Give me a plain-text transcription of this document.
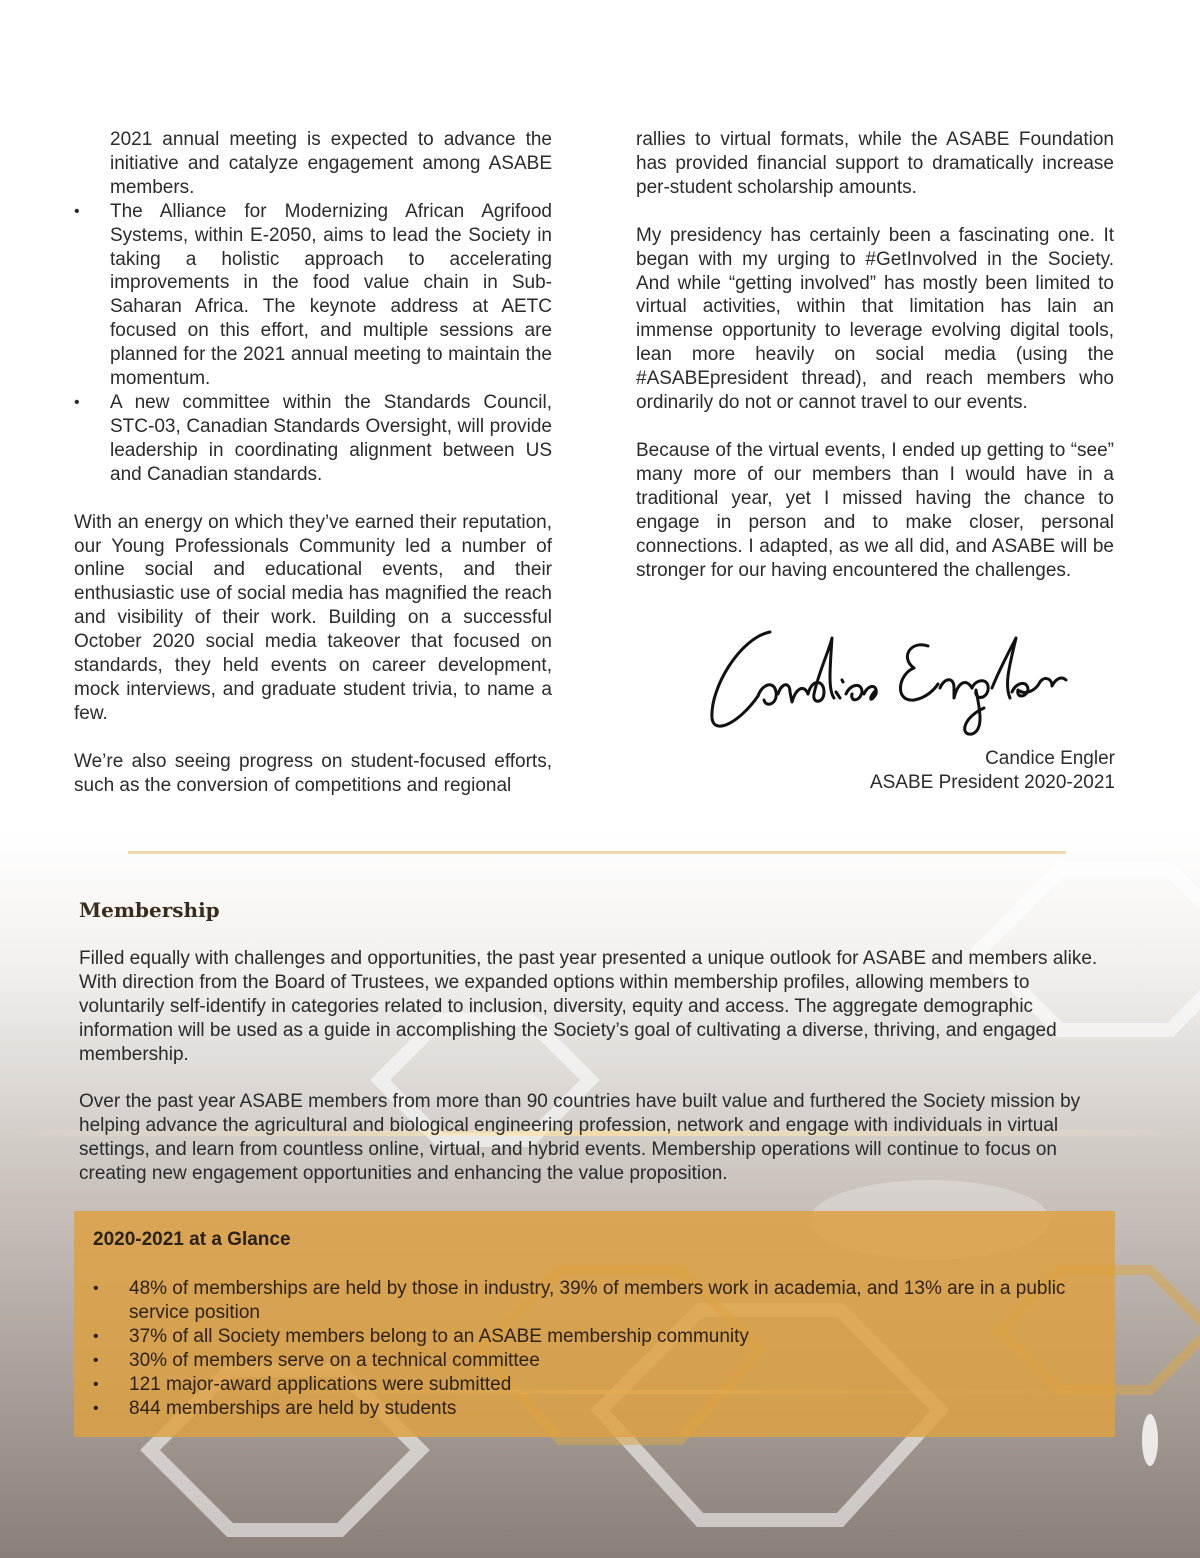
2021 annual meeting is expected to advance the initiative and catalyze engagement among ASABE members.

• The Alliance for Modernizing African Agrifood Systems, within E-2050, aims to lead the Society in taking a holistic approach to accelerating improvements in the food value chain in Sub-Saharan Africa. The keynote address at AETC focused on this effort, and multiple sessions are planned for the 2021 annual meeting to maintain the momentum.
• A new committee within the Standards Council, STC-03, Canadian Standards Oversight, will provide leadership in coordinating alignment between US and Canadian standards.

With an energy on which they’ve earned their reputation, our Young Professionals Community led a number of online social and educational events, and their enthusiastic use of social media has magnified the reach and visibility of their work. Building on a successful October 2020 social media takeover that focused on standards, they held events on career development, mock interviews, and graduate student trivia, to name a few.

We’re also seeing progress on student-focused efforts, such as the conversion of competitions and regional

rallies to virtual formats, while the ASABE Foundation has provided financial support to dramatically increase per-student scholarship amounts.

My presidency has certainly been a fascinating one. It began with my urging to #GetInvolved in the Society. And while “getting involved” has mostly been limited to virtual activities, within that limitation has lain an immense opportunity to leverage evolving digital tools, lean more heavily on social media (using the #ASABEpresident thread), and reach members who ordinarily do not or cannot travel to our events.

Because of the virtual events, I ended up getting to “see” many more of our members than I would have in a traditional year, yet I missed having the chance to engage in person and to make closer, personal connections. I adapted, as we all did, and ASABE will be stronger for our having encountered the challenges.

Candice Engler
ASABE President 2020-2021
Membership

Filled equally with challenges and opportunities, the past year presented a unique outlook for ASABE and members alike. With direction from the Board of Trustees, we expanded options within membership profiles, allowing members to voluntarily self-identify in categories related to inclusion, diversity, equity and access. The aggregate demographic information will be used as a guide in accomplishing the Society’s goal of cultivating a diverse, thriving, and engaged membership.

Over the past year ASABE members from more than 90 countries have built value and furthered the Society mission by helping advance the agricultural and biological engineering profession, network and engage with individuals in virtual settings, and learn from countless online, virtual, and hybrid events. Membership operations will continue to focus on creating new engagement opportunities and enhancing the value proposition.

2020-2021 at a Glance
• 48% of memberships are held by those in industry, 39% of members work in academia, and 13% are in a public service position
• 37% of all Society members belong to an ASABE membership community
• 30% of members serve on a technical committee
• 121 major-award applications were submitted
• 844 memberships are held by students
